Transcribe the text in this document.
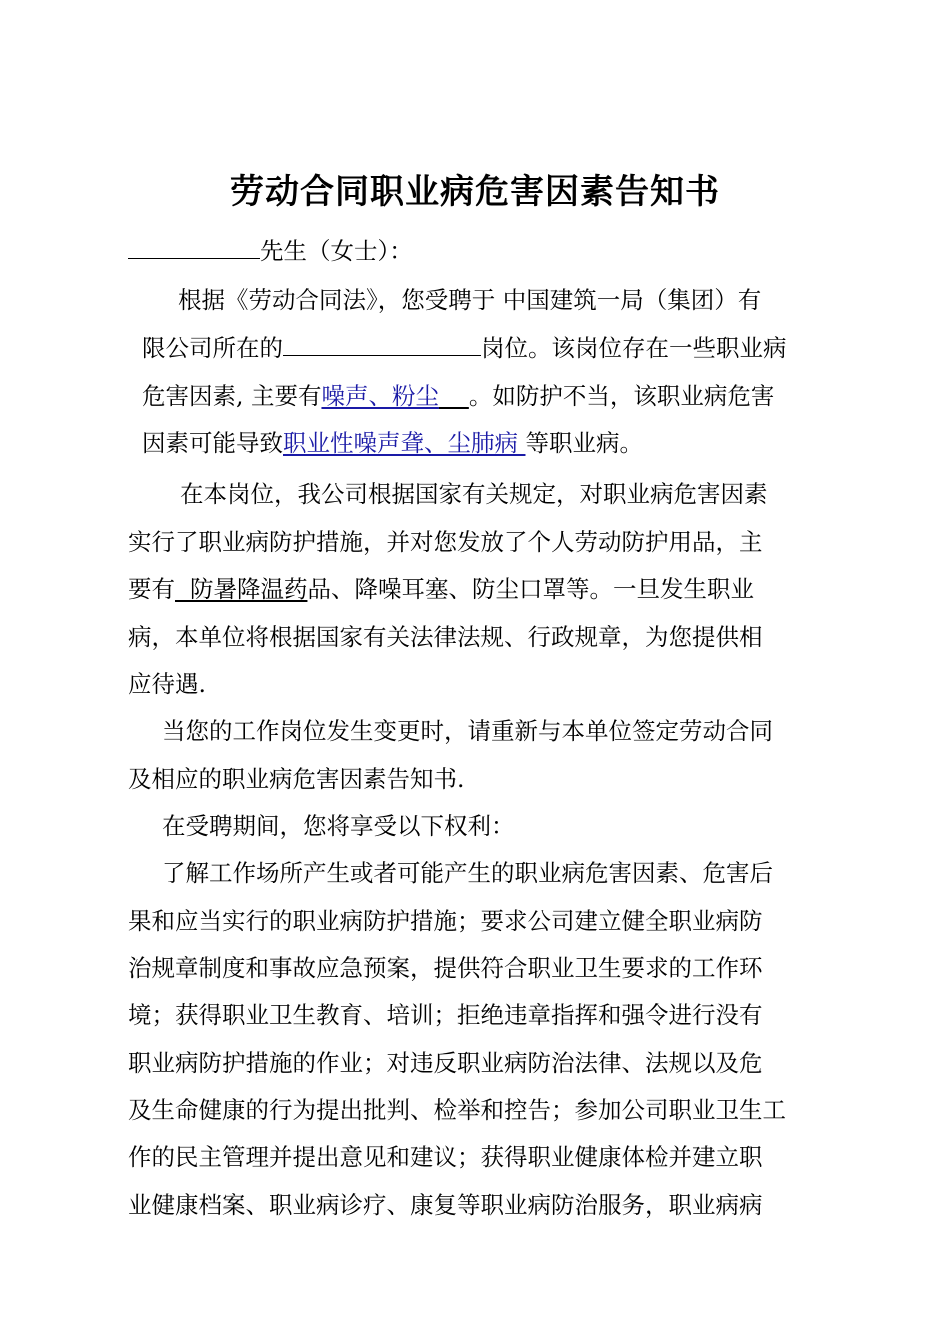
劳动合同职业病危害因素告知书
先生（女士）：
根据《劳动合同法》，您受聘于 中国建筑一局（集团）有
限公司所在的	岗位。该岗位存在一些职业病
危害因素, 主要有噪声、粉尘 。如防护不当，该职业病危害
因素可能导致职业性噪声聋、尘肺病 等职业病。
在本岗位，我公司根据国家有关规定，对职业病危害因素
实行了职业病防护措施，并对您发放了个人劳动防护用品，主
要有  防暑降温药品、降噪耳塞、防尘口罩等。一旦发生职业
病，本单位将根据国家有关法律法规、行政规章，为您提供相
应待遇.
当您的工作岗位发生变更时，请重新与本单位签定劳动合同
及相应的职业病危害因素告知书.
在受聘期间，您将享受以下权利：
了解工作场所产生或者可能产生的职业病危害因素、危害后
果和应当实行的职业病防护措施；要求公司建立健全职业病防
治规章制度和事故应急预案，提供符合职业卫生要求的工作环
境；获得职业卫生教育、培训；拒绝违章指挥和强令进行没有
职业病防护措施的作业；对违反职业病防治法律、法规以及危
及生命健康的行为提出批判、检举和控告；参加公司职业卫生工
作的民主管理并提出意见和建议；获得职业健康体检并建立职
业健康档案、职业病诊疗、康复等职业病防治服务，职业病病
